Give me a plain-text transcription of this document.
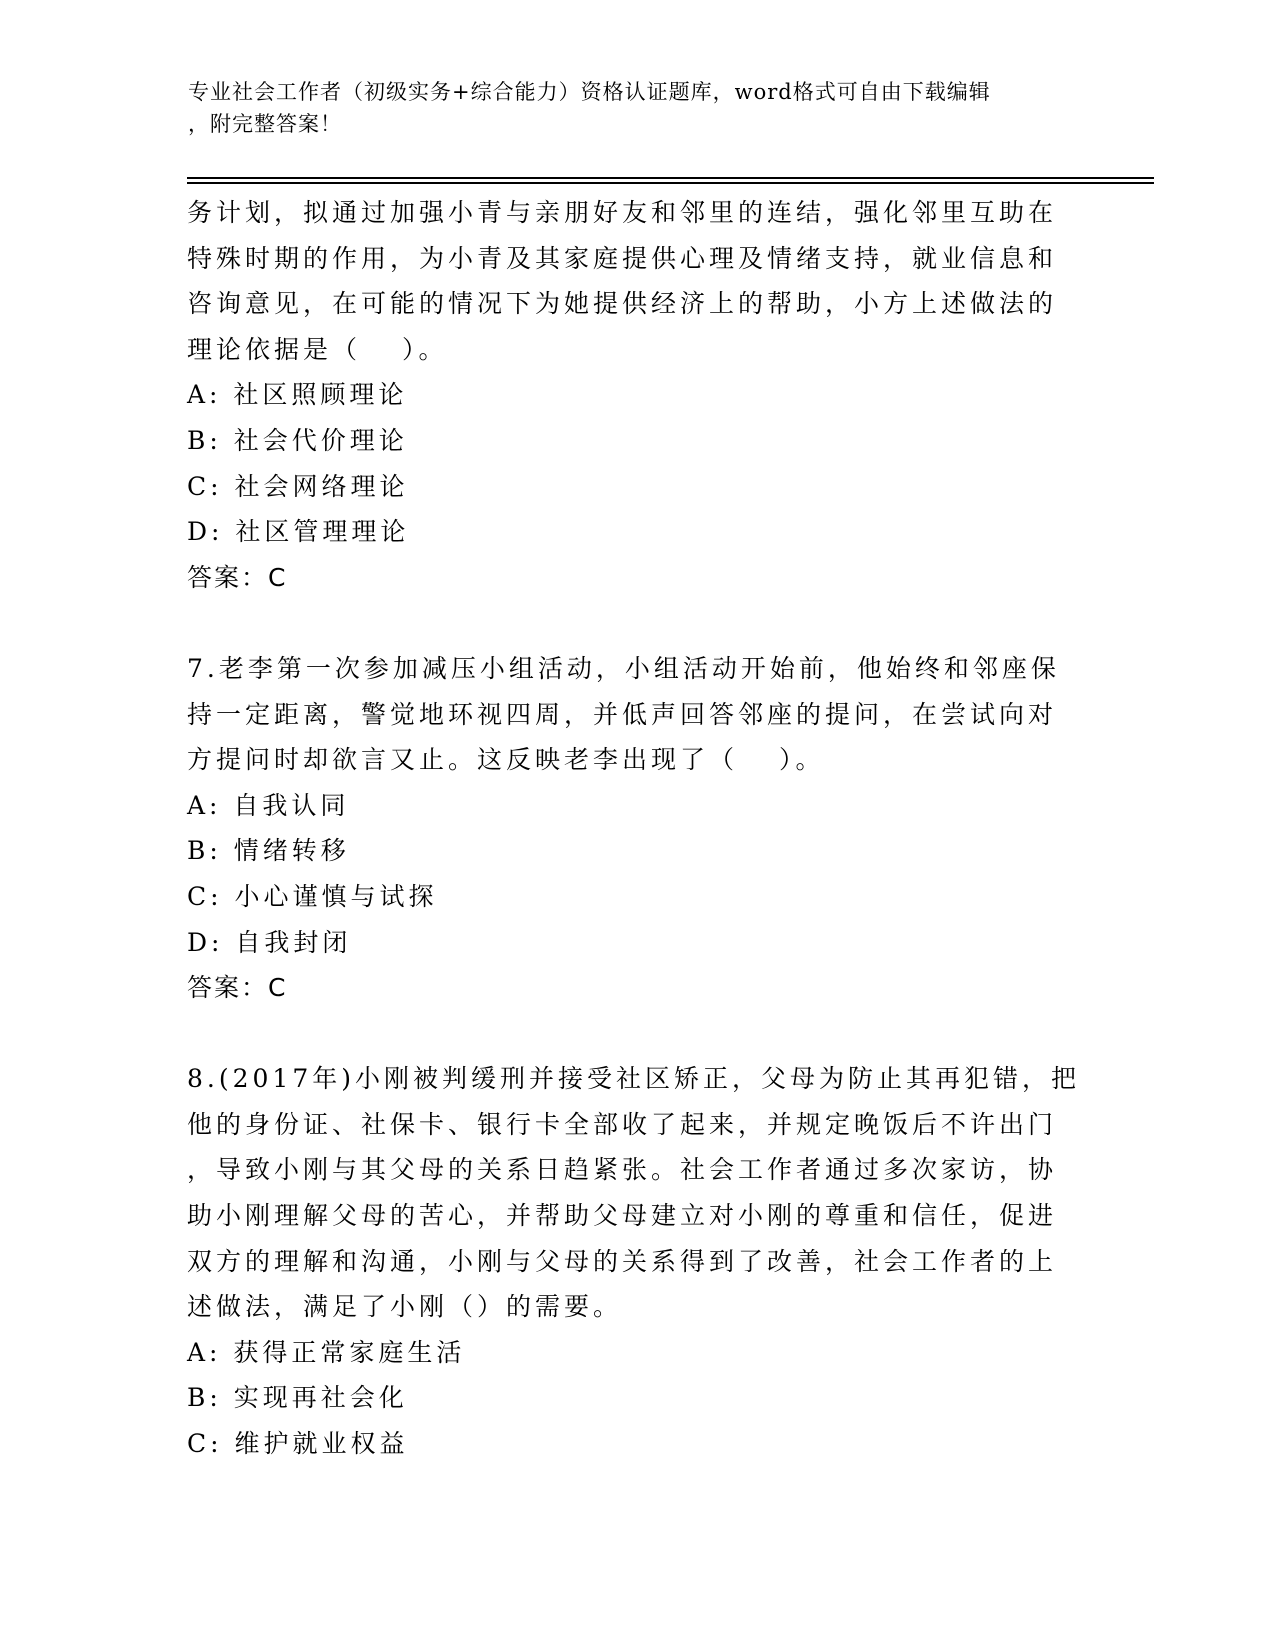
专业社会工作者（初级实务+综合能力）资格认证题库，word格式可自由下载编辑
，附完整答案！
务计划，拟通过加强小青与亲朋好友和邻里的连结，强化邻里互助在
特殊时期的作用，为小青及其家庭提供心理及情绪支持，就业信息和
咨询意见，在可能的情况下为她提供经济上的帮助，小方上述做法的
理论依据是（　 ）。
A: 社区照顾理论
B: 社会代价理论
C: 社会网络理论
D: 社区管理理论
答案：C
7.老李第一次参加减压小组活动，小组活动开始前，他始终和邻座保
持一定距离，警觉地环视四周，并低声回答邻座的提问，在尝试向对
方提问时却欲言又止。这反映老李出现了（　 ）。
A: 自我认同
B: 情绪转移
C: 小心谨慎与试探
D: 自我封闭
答案：C
8.(2017年)小刚被判缓刑并接受社区矫正，父母为防止其再犯错，把
他的身份证、社保卡、银行卡全部收了起来，并规定晚饭后不许出门
，导致小刚与其父母的关系日趋紧张。社会工作者通过多次家访，协
助小刚理解父母的苦心，并帮助父母建立对小刚的尊重和信任，促进
双方的理解和沟通，小刚与父母的关系得到了改善，社会工作者的上
述做法，满足了小刚（）的需要。
A: 获得正常家庭生活
B: 实现再社会化
C: 维护就业权益
